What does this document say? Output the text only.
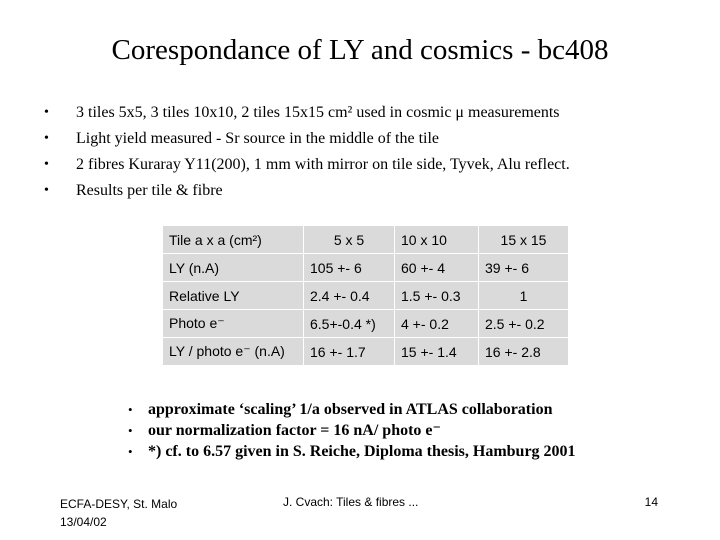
Corespondance of LY and cosmics - bc408
• 3 tiles 5x5, 3 tiles 10x10, 2 tiles 15x15 cm² used in cosmic μ measurements
• Light yield measured - Sr source in the middle of the tile
• 2 fibres Kuraray Y11(200), 1 mm with mirror on tile side, Tyvek, Alu reflect.
• Results per tile & fibre
Tile a x a (cm²)	5 x 5	10 x 10	15 x 15
LY (n.A)	105 +- 6	60 +- 4	39 +- 6
Relative LY	2.4 +- 0.4	1.5 +- 0.3	1
Photo e⁻	6.5+-0.4 *)	4 +- 0.2	2.5 +- 0.2
LY / photo e⁻ (n.A)	16 +- 1.7	15 +- 1.4	16 +- 2.8
• approximate ‘scaling’ 1/a observed in ATLAS collaboration
• our normalization factor = 16 nA/ photo e⁻
• *) cf. to 6.57 given in S. Reiche, Diploma thesis, Hamburg 2001
ECFA-DESY, St. Malo
13/04/02
J. Cvach: Tiles & fibres ...	14
